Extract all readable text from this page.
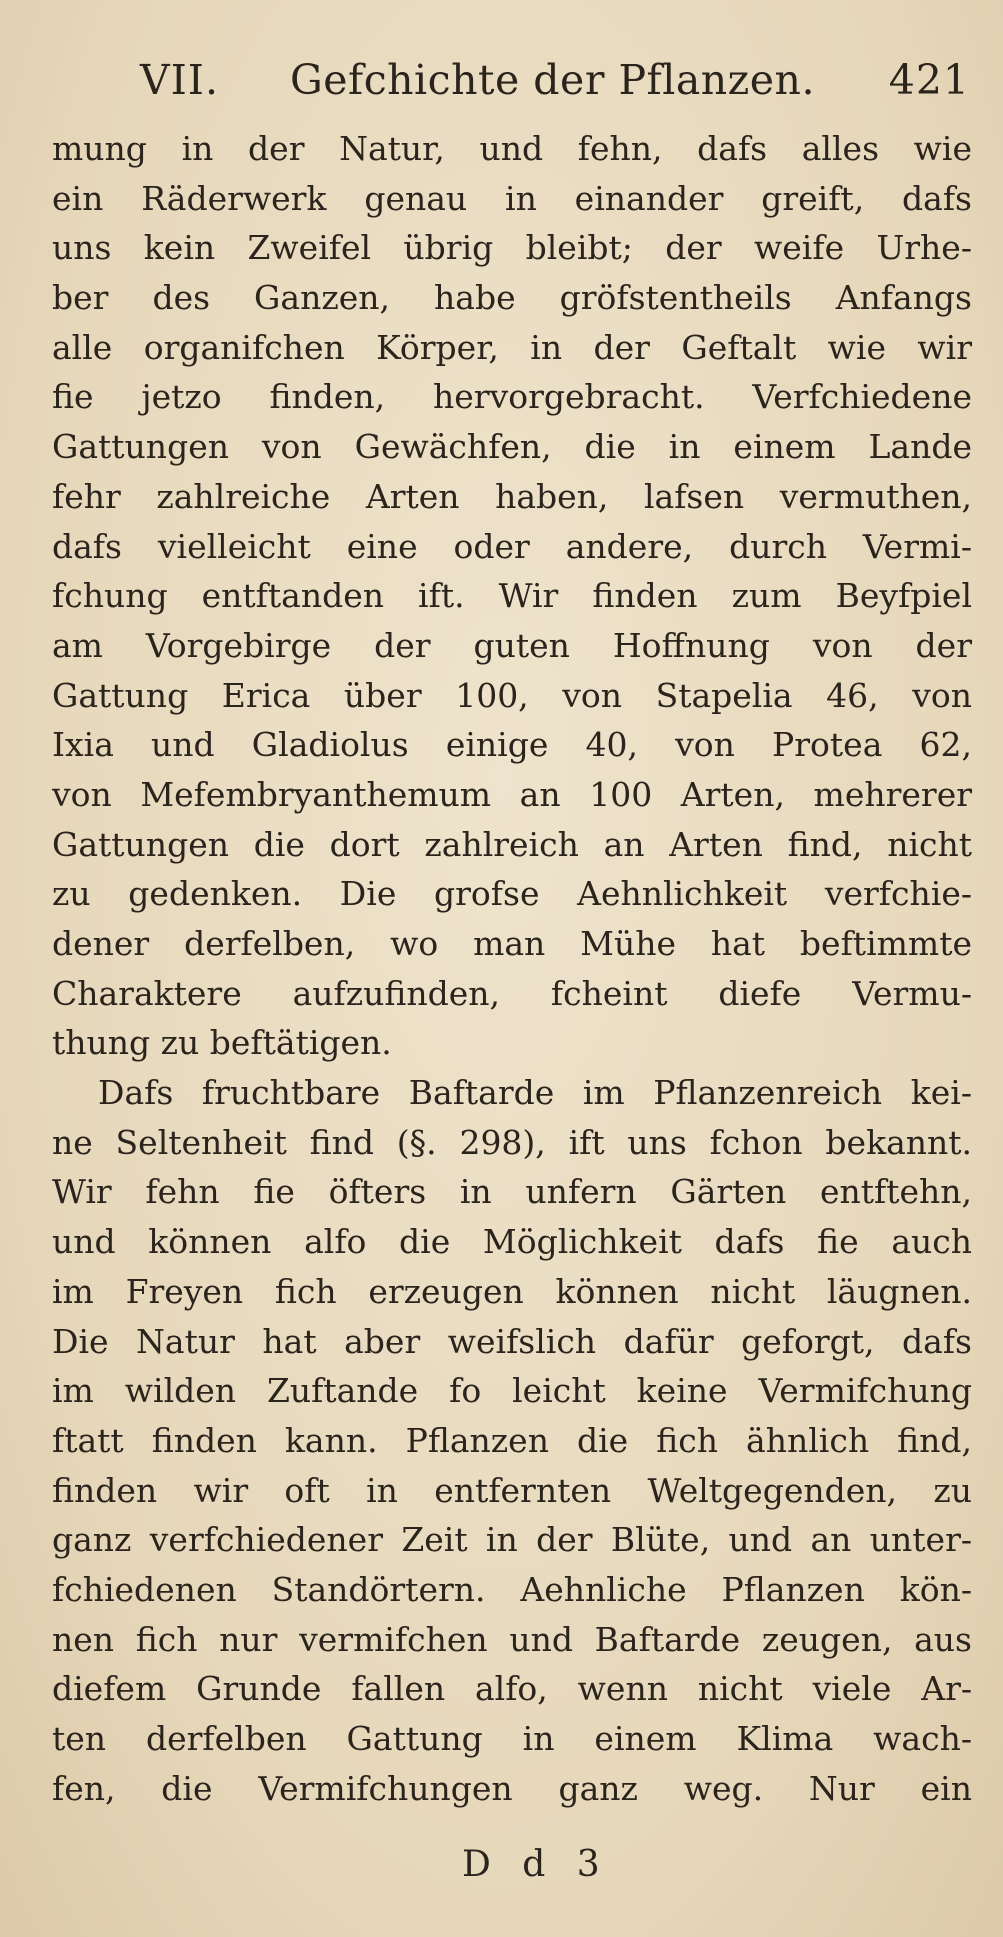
VII. Gefchichte der Pflanzen. 421
mung in der Natur, und fehn, dafs alles wie
ein Räderwerk genau in einander greift, dafs
uns kein Zweifel übrig bleibt; der weife Urhe-
ber des Ganzen, habe gröfstentheils Anfangs
alle organifchen Körper, in der Geftalt wie wir
fie jetzo finden, hervorgebracht. Verfchiedene
Gattungen von Gewächfen, die in einem Lande
fehr zahlreiche Arten haben, lafsen vermuthen,
dafs vielleicht eine oder andere, durch Vermi-
fchung entftanden ift. Wir finden zum Beyfpiel
am Vorgebirge der guten Hoffnung von der
Gattung Erica über 100, von Stapelia 46, von
Ixia und Gladiolus einige 40, von Protea 62,
von Mefembryanthemum an 100 Arten, mehrerer
Gattungen die dort zahlreich an Arten find, nicht
zu gedenken. Die grofse Aehnlichkeit verfchie-
dener derfelben, wo man Mühe hat beftimmte
Charaktere aufzufinden, fcheint diefe Vermu-
thung zu beftätigen.
Dafs fruchtbare Baftarde im Pflanzenreich kei-
ne Seltenheit find (§. 298), ift uns fchon bekannt.
Wir fehn fie öfters in unfern Gärten entftehn,
und können alfo die Möglichkeit dafs fie auch
im Freyen fich erzeugen können nicht läugnen.
Die Natur hat aber weifslich dafür geforgt, dafs
im wilden Zuftande fo leicht keine Vermifchung
ftatt finden kann. Pflanzen die fich ähnlich find,
finden wir oft in entfernten Weltgegenden, zu
ganz verfchiedener Zeit in der Blüte, und an unter-
fchiedenen Standörtern. Aehnliche Pflanzen kön-
nen fich nur vermifchen und Baftarde zeugen, aus
diefem Grunde fallen alfo, wenn nicht viele Ar-
ten derfelben Gattung in einem Klima wach-
fen, die Vermifchungen ganz weg. Nur ein
D d 3
